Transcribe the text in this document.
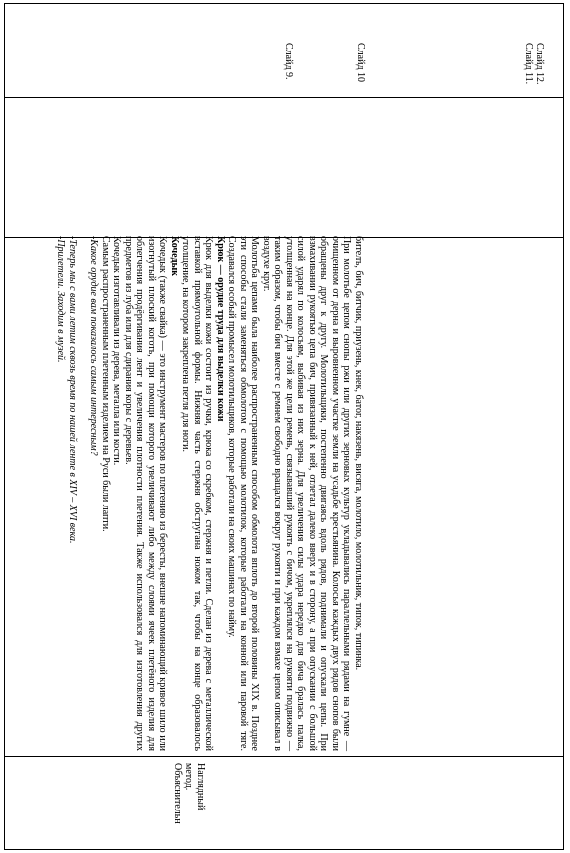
Наглядный
метод.
Объяснительн

бителъ, бич, битчик, приузень, кнек, батог, накязень, висяга, молотило, молотильник, типок, типинка.

При молотьбе цепом снопы ржи или других зерновых культур укладывались параллельными рядами на гумне — очищенном от дерна и выровненном участке земли на усадьбе крестьянина. Колосья каждых двух рядов снопов были обращены друг к другу. Молотильщики, постепенно двигаясь вдоль рядов, поднимали и опускали цепы. При взмахивании рукоятью цепа бич, привязанный к ней, отлетал далеко вверх и в сторону, а при опускании с большой силой ударял по колосьям, выбивая из них зерна. Для увеличения силы удара нередко для бича бралась палка, утолщенная на конце. Для этой же цели ремень, связывавший рукоять с бичом, укреплялся на рукояти подвижно — таким образом, чтобы бич вместе с ремнем свободно вращался вокруг рукояти и при каждом взмахе цепом описывал в воздухе круг.

Молотьба цепами была наиболее распространенным способом обмолота вплоть до второй половины XIX в. Позднее эти способы стали заменяться обмолотом с помощью молотилок, которые работали на конной или паровой тяге. Создавался особый промысел молотильщиков, которые работали на своих машинах по найму.

Крюк — орудие труда для выделки кожи

Крюк для выделки кожи состоит из ручки, крюка со скребком, стержня и петли. Сделан из дерева с металлической вставкой прямоугольной формы. Нижняя часть стержня обструганa ножом так, чтобы на конце образовалось утолщение, на котором закреплена петля для ноги.

Кочедык

Кочедык (также свайка) — это инструмент мастеров по плетению из бересты, внешне напоминающий кривое шило или изогнутый плоский коготь, при помощи которого увеличивают либо между слоями ячеек плетёного изделия для облегчения продёргивания лент и увеличения плотности плетения. Также использовался для изготовления других предметов из луба или для сдирания коры с деревьев.

Кочедык изготавливали из дерева, металла или кости.

Самым распространенным плетенным изделием на Руси были лапти.

-Какое орудие вам показалось самым интересным?

-Теперь мы с вами летим сквозь время по нашей ленте в XIV – XVI века.

-Прилетели. Заходим в музей.

Слайд 9.	Слайд 10	Слайд 11. Слайд 12.
